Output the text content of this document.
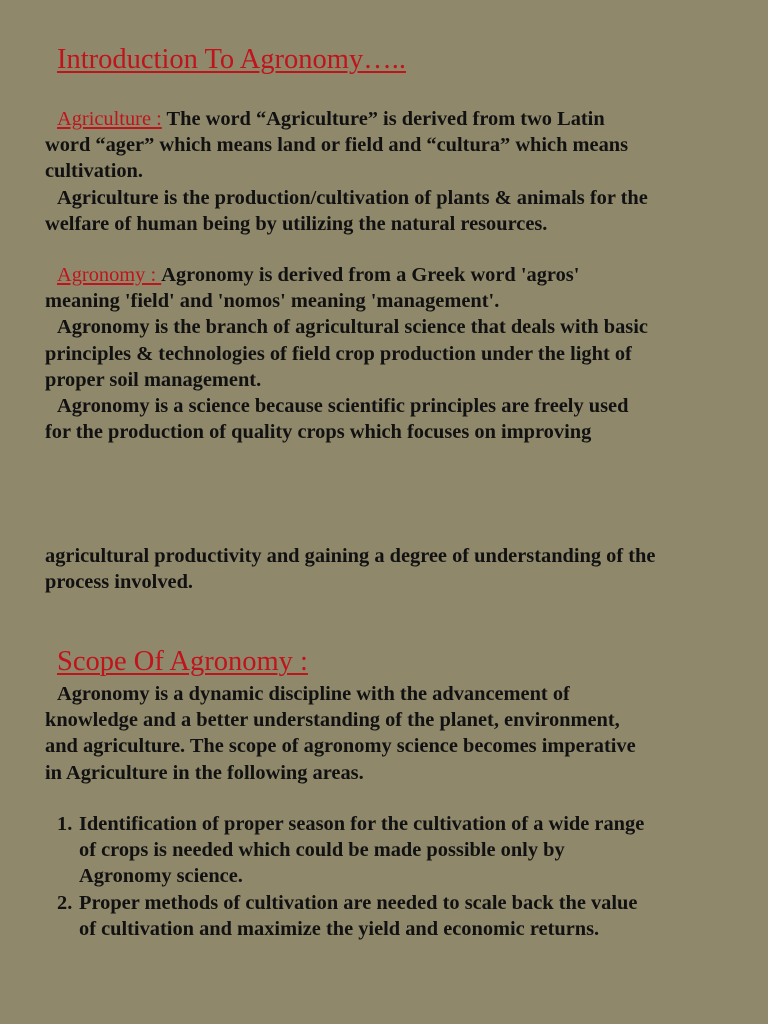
Introduction To Agronomy…..
Agriculture : The word “Agriculture” is derived from two Latin
word “ager” which means land or field and “cultura” which means
cultivation.
Agriculture is the production/cultivation of plants & animals for the
welfare of human being by utilizing the natural resources.
Agronomy : Agronomy is derived from a Greek word 'agros'
meaning 'field' and 'nomos' meaning 'management'.
Agronomy is the branch of agricultural science that deals with basic
principles & technologies of field crop production under the light of
proper soil management.
Agronomy is a science because scientific principles are freely used
for the production of quality crops which focuses on improving
agricultural productivity and gaining a degree of understanding of the
process involved.
Scope Of Agronomy :
Agronomy is a dynamic discipline with the advancement of
knowledge and a better understanding of the planet, environment,
and agriculture. The scope of agronomy science becomes imperative
in Agriculture in the following areas.
1. Identification of proper season for the cultivation of a wide range
of crops is needed which could be made possible only by
Agronomy science.
2. Proper methods of cultivation are needed to scale back the value
of cultivation and maximize the yield and economic returns.
